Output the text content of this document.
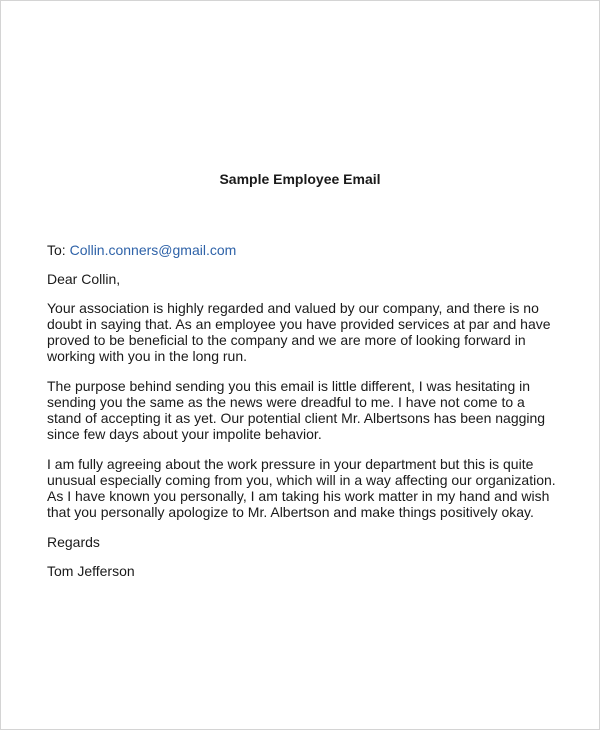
Sample Employee Email

To: Collin.conners@gmail.com

Dear Collin,

Your association is highly regarded and valued by our company, and there is no doubt in saying that. As an employee you have provided services at par and have proved to be beneficial to the company and we are more of looking forward in working with you in the long run.

The purpose behind sending you this email is little different, I was hesitating in sending you the same as the news were dreadful to me. I have not come to a stand of accepting it as yet. Our potential client Mr. Albertsons has been nagging since few days about your impolite behavior.

I am fully agreeing about the work pressure in your department but this is quite unusual especially coming from you, which will in a way affecting our organization. As I have known you personally, I am taking his work matter in my hand and wish that you personally apologize to Mr. Albertson and make things positively okay.

Regards

Tom Jefferson
